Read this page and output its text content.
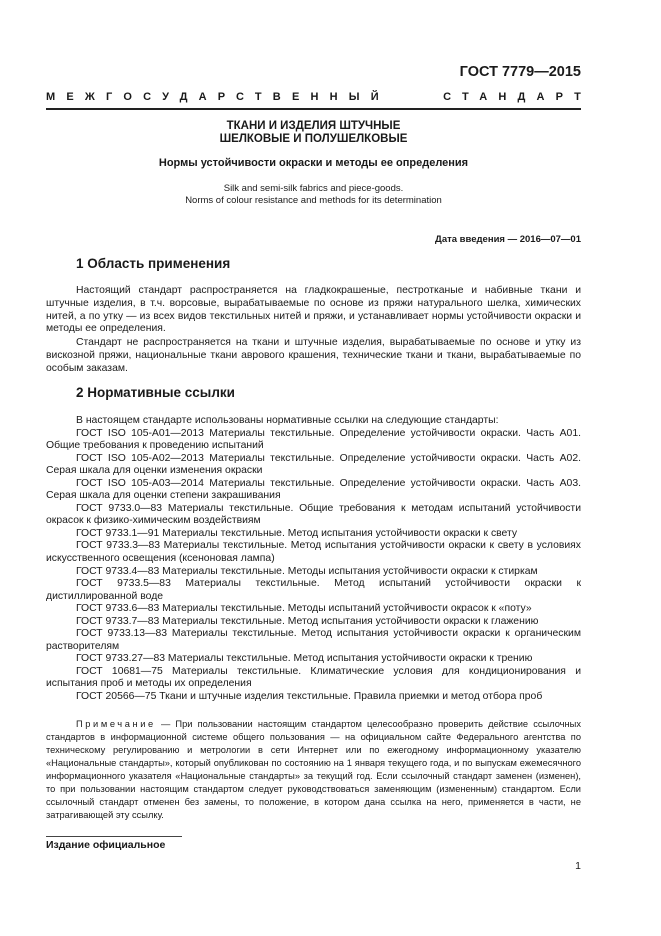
ГОСТ 7779—2015
МЕЖГОСУДАРСТВЕННЫЙ	СТАНДАРТ
ТКАНИ И ИЗДЕЛИЯ ШТУЧНЫЕ
ШЕЛКОВЫЕ И ПОЛУШЕЛКОВЫЕ
Нормы устойчивости окраски и методы ее определения
Silk and semi-silk fabrics and piece-goods.
Norms of colour resistance and methods for its determination
Дата введения — 2016—07—01
1 Область применения

Настоящий стандарт распространяется на гладкокрашеные, пестротканые и набивные ткани и штучные изделия, в т.ч. ворсовые, вырабатываемые по основе из пряжи натурального шелка, химических нитей, а по утку — из всех видов текстильных нитей и пряжи, и устанавливает нормы устойчивости окраски и методы ее определения.

Стандарт не распространяется на ткани и штучные изделия, вырабатываемые по основе и утку из вискозной пряжи, национальные ткани аврового крашения, технические ткани и ткани, вырабатываемые по особым заказам.

2 Нормативные ссылки

В настоящем стандарте использованы нормативные ссылки на следующие стандарты:

ГОСТ ISO 105-A01—2013 Материалы текстильные. Определение устойчивости окраски. Часть A01. Общие требования к проведению испытаний

ГОСТ ISO 105-A02—2013 Материалы текстильные. Определение устойчивости окраски. Часть A02. Серая шкала для оценки изменения окраски

ГОСТ ISO 105-A03—2014 Материалы текстильные. Определение устойчивости окраски. Часть A03. Серая шкала для оценки степени закрашивания

ГОСТ 9733.0—83 Материалы текстильные. Общие требования к методам испытаний устойчивости окрасок к физико-химическим воздействиям

ГОСТ 9733.1—91 Материалы текстильные. Метод испытания устойчивости окраски к свету

ГОСТ 9733.3—83 Материалы текстильные. Метод испытания устойчивости окраски к свету в условиях искусственного освещения (ксеноновая лампа)

ГОСТ 9733.4—83 Материалы текстильные. Методы испытания устойчивости окраски к стиркам

ГОСТ 9733.5—83 Материалы текстильные. Метод испытаний устойчивости окраски к дистиллированной воде

ГОСТ 9733.6—83 Материалы текстильные. Методы испытаний устойчивости окрасок к «поту»

ГОСТ 9733.7—83 Материалы текстильные. Метод испытания устойчивости окраски к глажению

ГОСТ 9733.13—83 Материалы текстильные. Метод испытания устойчивости окраски к органическим растворителям

ГОСТ 9733.27—83 Материалы текстильные. Метод испытания устойчивости окраски к трению

ГОСТ 10681—75 Материалы текстильные. Климатические условия для кондиционирования и испытания проб и методы их определения

ГОСТ 20566—75 Ткани и штучные изделия текстильные. Правила приемки и метод отбора проб

Примечание — При пользовании настоящим стандартом целесообразно проверить действие ссылочных стандартов в информационной системе общего пользования — на официальном сайте Федерального агентства по техническому регулированию и метрологии в сети Интернет или по ежегодному информационному указателю «Национальные стандарты», который опубликован по состоянию на 1 января текущего года, и по выпускам ежемесячного информационного указателя «Национальные стандарты» за текущий год. Если ссылочный стандарт заменен (изменен), то при пользовании настоящим стандартом следует руководствоваться заменяющим (измененным) стандартом. Если ссылочный стандарт отменен без замены, то положение, в котором дана ссылка на него, применяется в части, не затрагивающей эту ссылку.

Издание официальное
1
